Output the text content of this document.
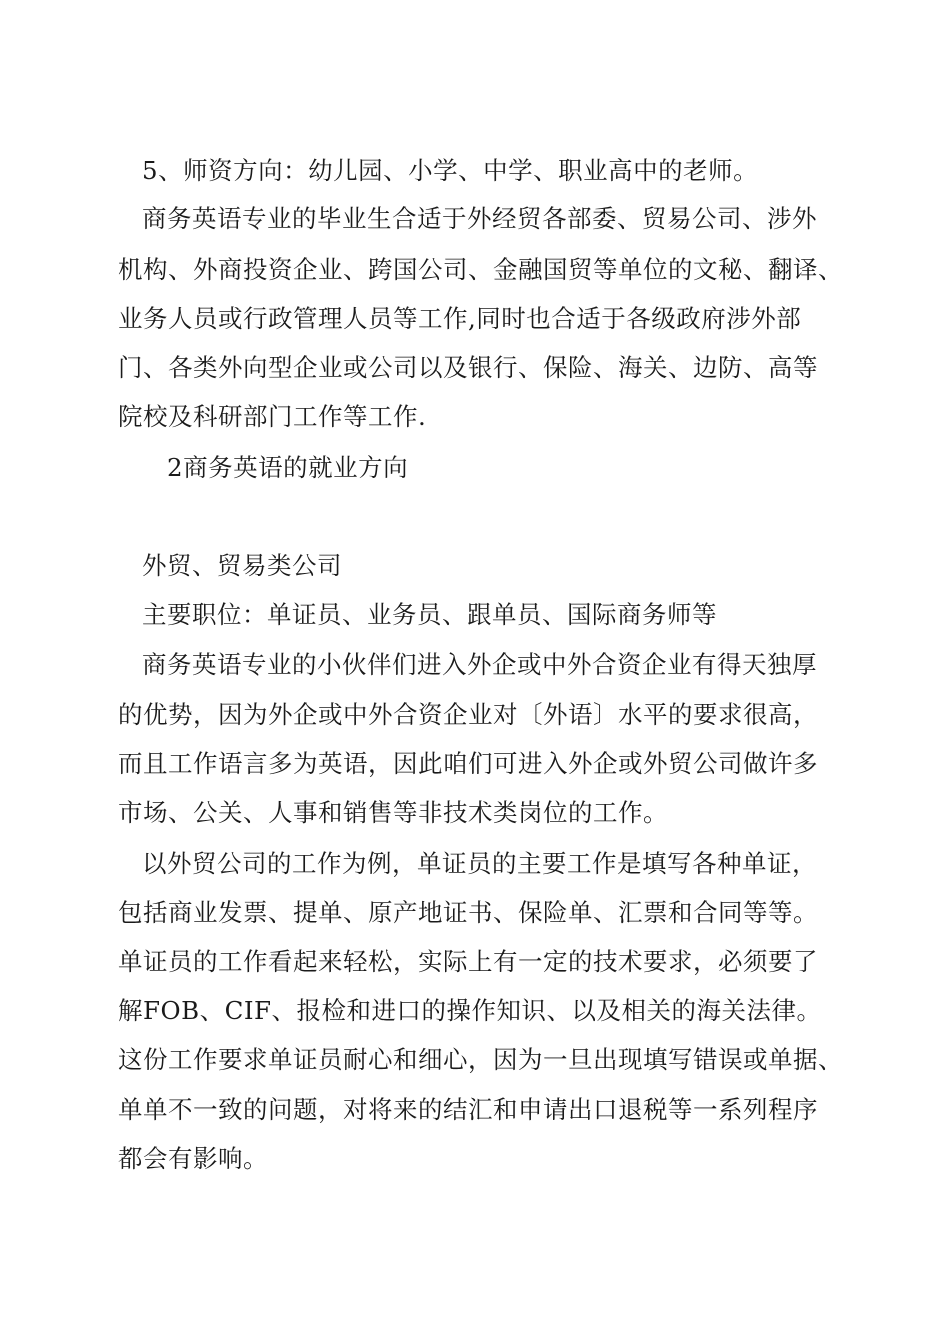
5、师资方向：幼儿园、小学、中学、职业高中的老师。
商务英语专业的毕业生合适于外经贸各部委、贸易公司、涉外
机构、外商投资企业、跨国公司、金融国贸等单位的文秘、翻译、
业务人员或行政管理人员等工作,同时也合适于各级政府涉外部
门、各类外向型企业或公司以及银行、保险、海关、边防、高等
院校及科研部门工作等工作.
2商务英语的就业方向
外贸、贸易类公司
主要职位：单证员、业务员、跟单员、国际商务师等
商务英语专业的小伙伴们进入外企或中外合资企业有得天独厚
的优势，因为外企或中外合资企业对〔外语〕水平的要求很高，
而且工作语言多为英语，因此咱们可进入外企或外贸公司做许多
市场、公关、人事和销售等非技术类岗位的工作。
以外贸公司的工作为例，单证员的主要工作是填写各种单证，
包括商业发票、提单、原产地证书、保险单、汇票和合同等等。
单证员的工作看起来轻松，实际上有一定的技术要求，必须要了
解FOB、CIF、报检和进口的操作知识、以及相关的海关法律。
这份工作要求单证员耐心和细心，因为一旦出现填写错误或单据、
单单不一致的问题，对将来的结汇和申请出口退税等一系列程序
都会有影响。
